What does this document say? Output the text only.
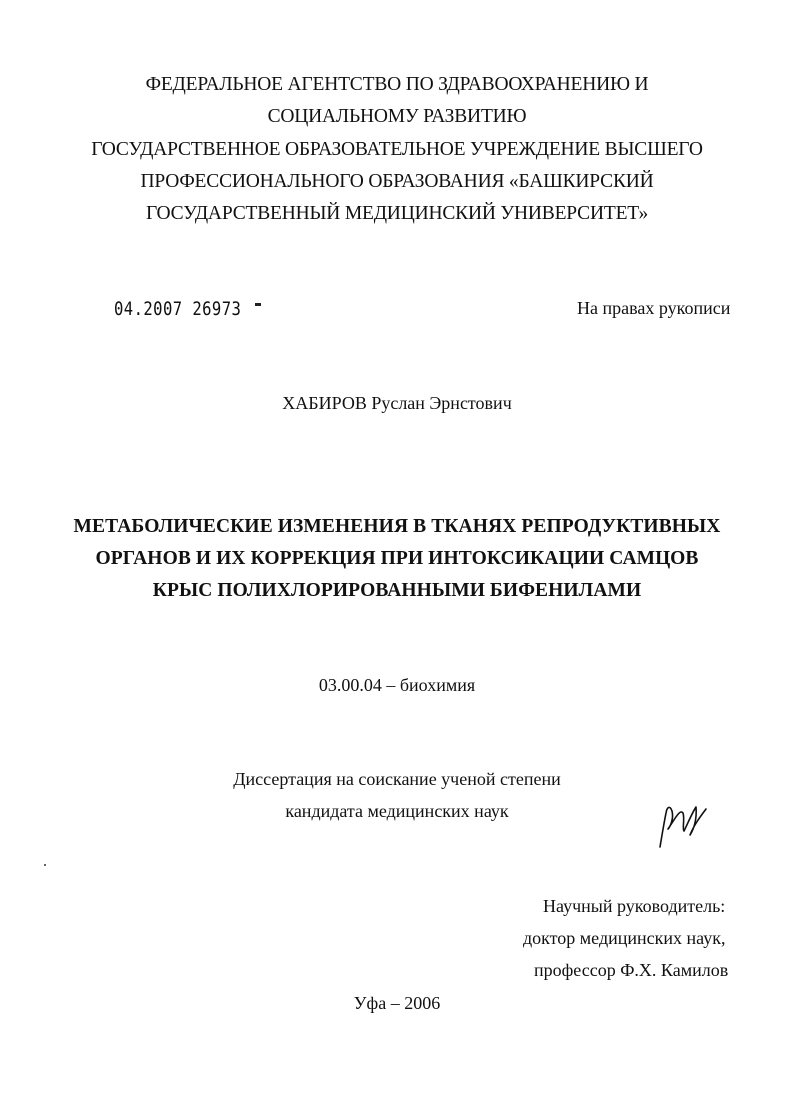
ФЕДЕРАЛЬНОЕ АГЕНТСТВО ПО ЗДРАВООХРАНЕНИЮ И
СОЦИАЛЬНОМУ РАЗВИТИЮ
ГОСУДАРСТВЕННОЕ ОБРАЗОВАТЕЛЬНОЕ УЧРЕЖДЕНИЕ ВЫСШЕГО
ПРОФЕССИОНАЛЬНОГО ОБРАЗОВАНИЯ «БАШКИРСКИЙ
ГОСУДАРСТВЕННЫЙ МЕДИЦИНСКИЙ УНИВЕРСИТЕТ»
04.2007 26973	На правах рукописи
ХАБИРОВ Руслан Эрнстович
МЕТАБОЛИЧЕСКИЕ ИЗМЕНЕНИЯ В ТКАНЯХ РЕПРОДУКТИВНЫХ
ОРГАНОВ И ИХ КОРРЕКЦИЯ ПРИ ИНТОКСИКАЦИИ САМЦОВ
КРЫС ПОЛИХЛОРИРОВАННЫМИ БИФЕНИЛАМИ
03.00.04 – биохимия
Диссертация на соискание ученой степени
кандидата медицинских наук
Научный руководитель:
доктор медицинских наук,
профессор Ф.Х. Камилов
Уфа – 2006
